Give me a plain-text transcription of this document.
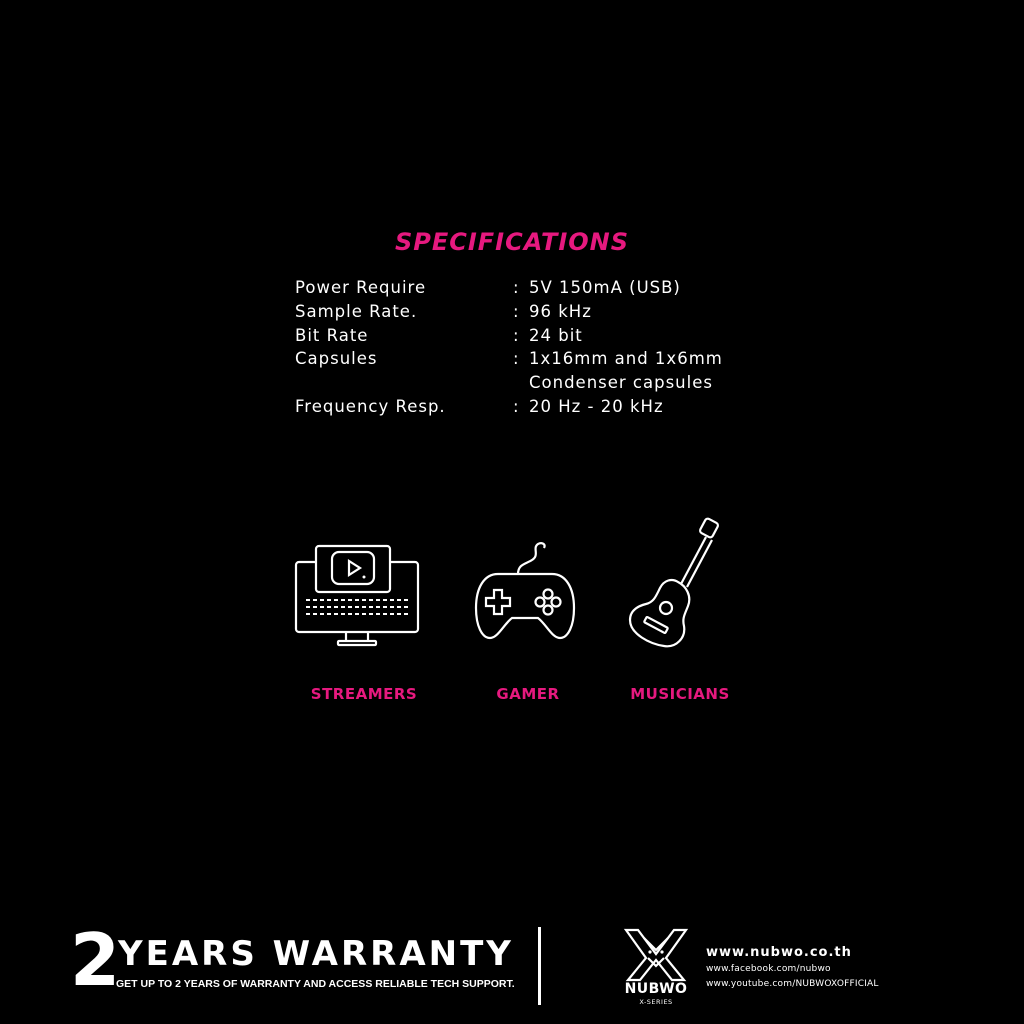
SPECIFICATIONS
Power Require	: 5V 150mA (USB)
Sample Rate.	: 96 kHz
Bit Rate	: 24 bit
Capsules	: 1x16mm and 1x6mm
Condenser capsules
Frequency Resp.	: 20 Hz - 20 kHz
STREAMERS	GAMER	MUSICIANS
2 YEARS WARRANTY
GET UP TO 2 YEARS OF WARRANTY AND ACCESS RELIABLE TECH SUPPORT.	NUBWO
X-SERIES
www.nubwo.co.th
www.facebook.com/nubwo
www.youtube.com/NUBWOXOFFICIAL
